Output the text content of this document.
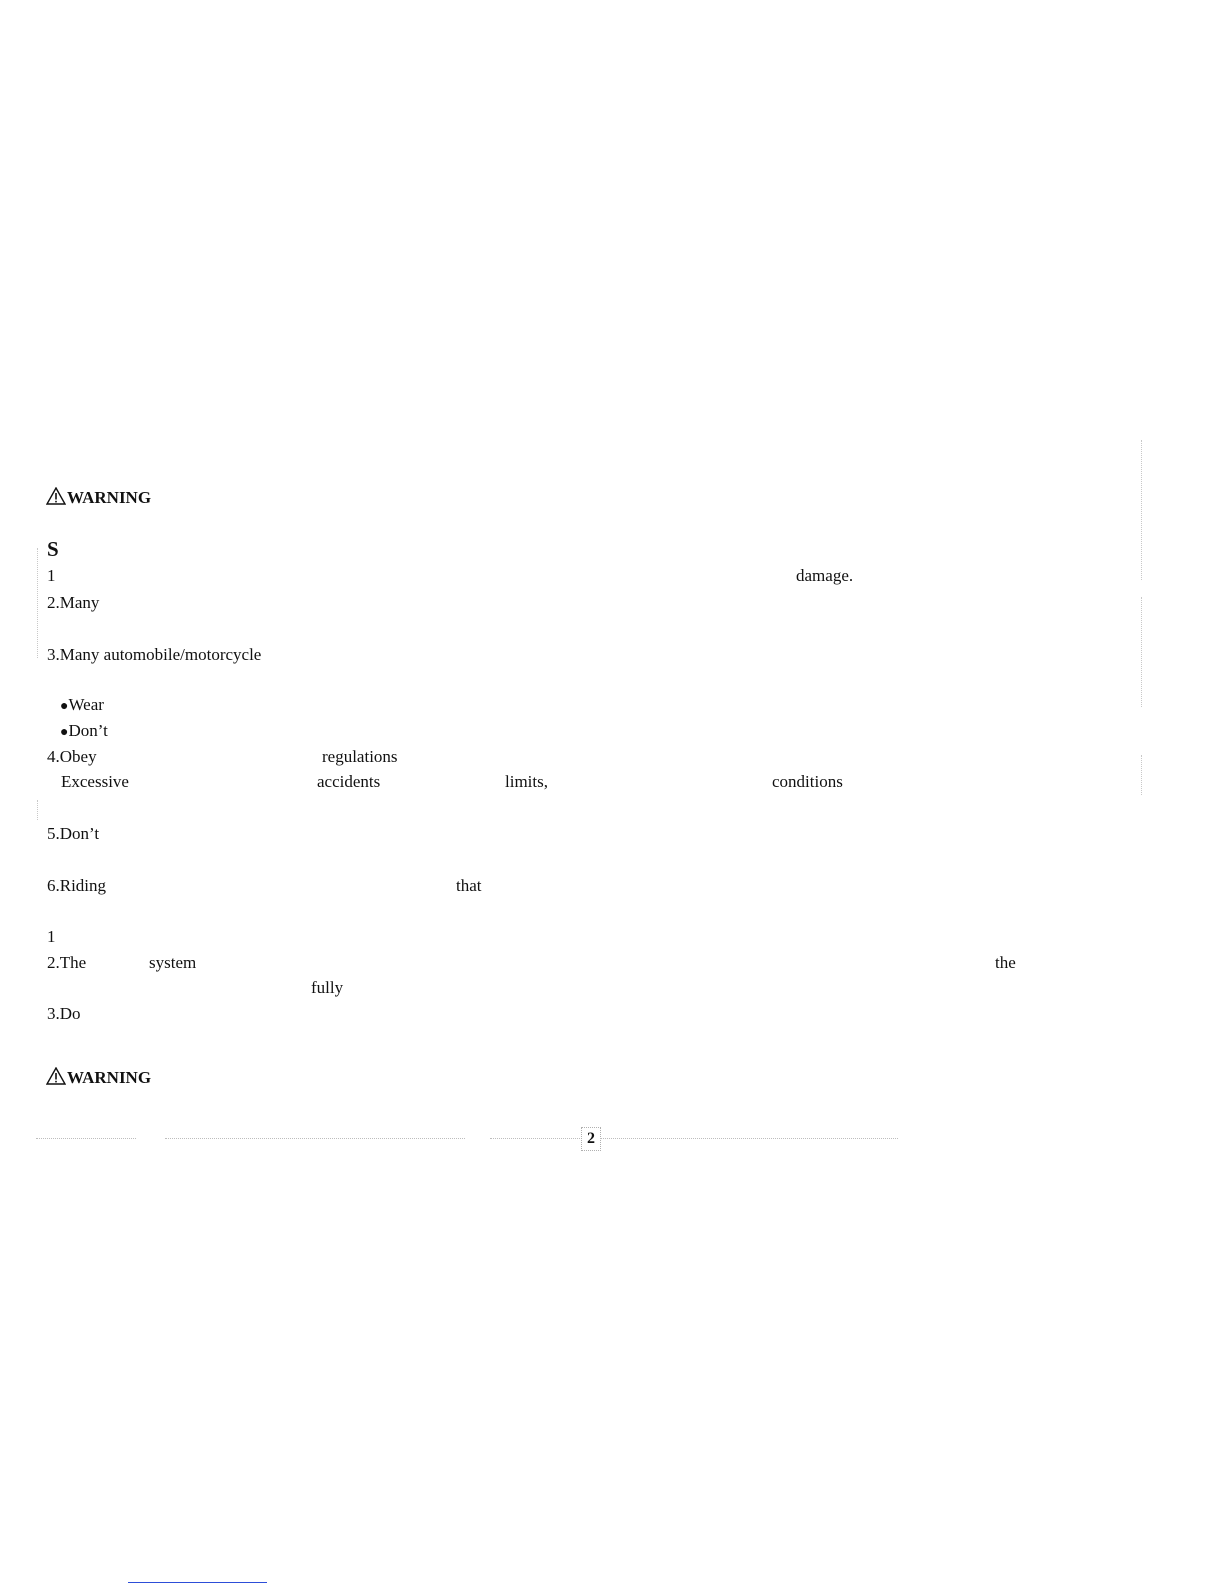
WARNING
S
1	damage.
2.Many
3.Many automobile/motorcycle
●Wear
●Don’t
4.Obey	regulations
Excessive	accidents	limits,	conditions
5.Don’t
6.Riding	that
1
2.The	system	the
fully
3.Do
WARNING
2
